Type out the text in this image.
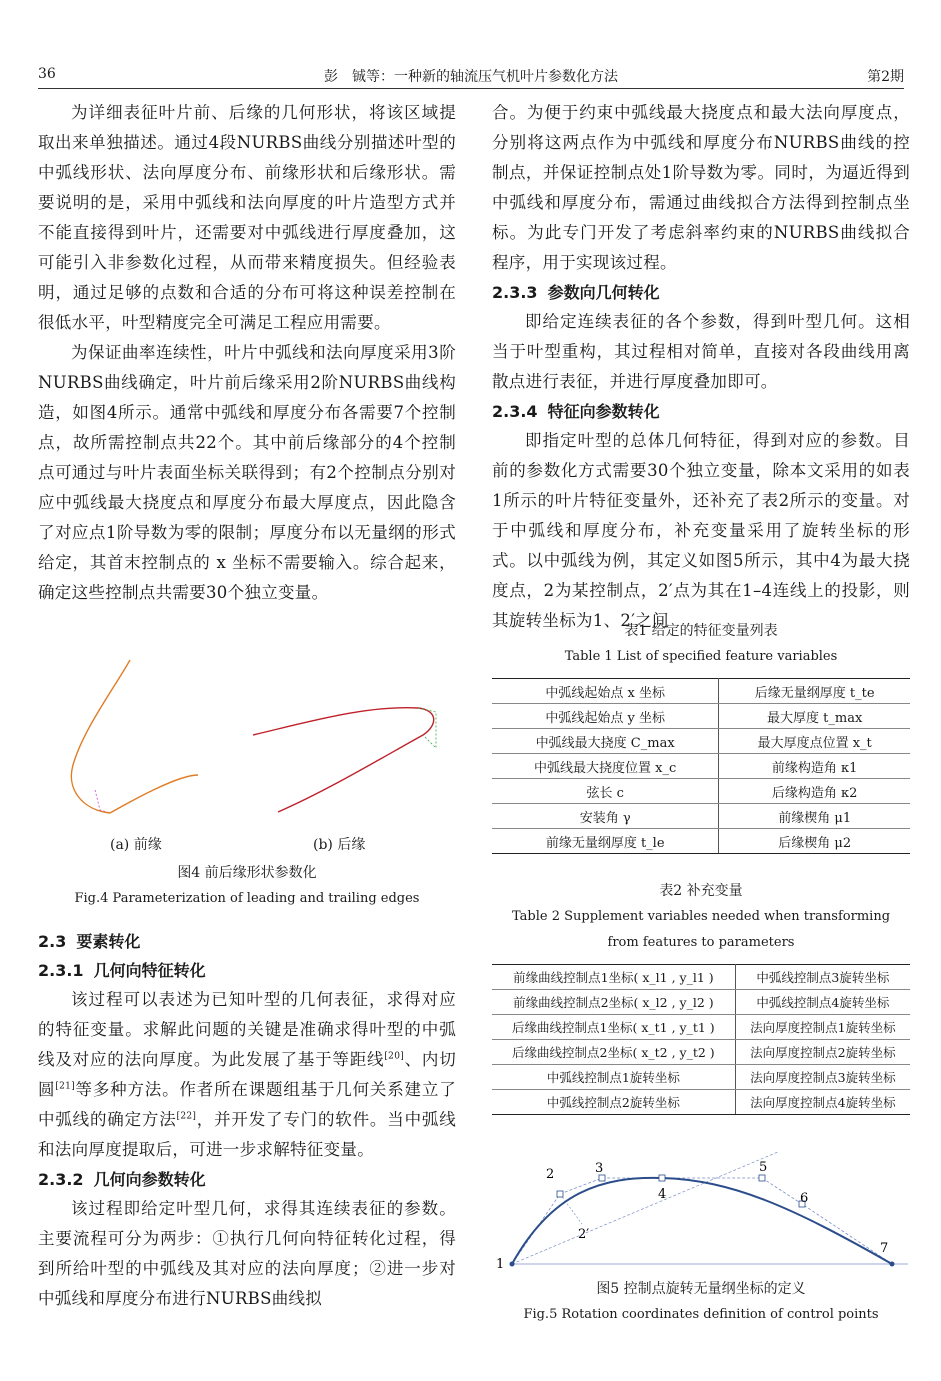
36	彭　铖等：一种新的轴流压气机叶片参数化方法	第2期

为详细表征叶片前、后缘的几何形状，将该区域提取出来单独描述。通过4段NURBS曲线分别描述叶型的中弧线形状、法向厚度分布、前缘形状和后缘形状。需要说明的是，采用中弧线和法向厚度的叶片造型方式并不能直接得到叶片，还需要对中弧线进行厚度叠加，这可能引入非参数化过程，从而带来精度损失。但经验表明，通过足够的点数和合适的分布可将这种误差控制在很低水平，叶型精度完全可满足工程应用需要。

为保证曲率连续性，叶片中弧线和法向厚度采用3阶NURBS曲线确定，叶片前后缘采用2阶NURBS曲线构造，如图4所示。通常中弧线和厚度分布各需要7个控制点，故所需控制点共22个。其中前后缘部分的4个控制点可通过与叶片表面坐标关联得到；有2个控制点分别对应中弧线最大挠度点和厚度分布最大厚度点，因此隐含了对应点1阶导数为零的限制；厚度分布以无量纲的形式给定，其首末控制点的 x 坐标不需要输入。综合起来，确定这些控制点共需要30个独立变量。

(a) 前缘	(b) 后缘
图4 前后缘形状参数化
Fig.4 Parameterization of leading and trailing edges
2.3 要素转化
2.3.1 几何向特征转化

该过程可以表述为已知叶型的几何表征，求得对应的特征变量。求解此问题的关键是准确求得叶型的中弧线及对应的法向厚度。为此发展了基于等距线[20]、内切圆[21]等多种方法。作者所在课题组基于几何关系建立了中弧线的确定方法[22]，并开发了专门的软件。当中弧线和法向厚度提取后，可进一步求解特征变量。

2.3.2 几何向参数转化

该过程即给定叶型几何，求得其连续表征的参数。主要流程可分为两步：①执行几何向特征转化过程，得到所给叶型的中弧线及其对应的法向厚度；②进一步对中弧线和厚度分布进行NURBS曲线拟

合。为便于约束中弧线最大挠度点和最大法向厚度点，分别将这两点作为中弧线和厚度分布NURBS曲线的控制点，并保证控制点处1阶导数为零。同时，为逼近得到中弧线和厚度分布，需通过曲线拟合方法得到控制点坐标。为此专门开发了考虑斜率约束的NURBS曲线拟合程序，用于实现该过程。

2.3.3 参数向几何转化

即给定连续表征的各个参数，得到叶型几何。这相当于叶型重构，其过程相对简单，直接对各段曲线用离散点进行表征，并进行厚度叠加即可。

2.3.4 特征向参数转化

即指定叶型的总体几何特征，得到对应的参数。目前的参数化方式需要30个独立变量，除本文采用的如表1所示的叶片特征变量外，还补充了表2所示的变量。对于中弧线和厚度分布，补充变量采用了旋转坐标的形式。以中弧线为例，其定义如图5所示，其中4为最大挠度点，2为某控制点，2′点为其在1–4连线上的投影，则其旋转坐标为1、2′之间

表1 给定的特征变量列表
Table 1 List of specified feature variables
中弧线起始点 x 坐标	后缘无量纲厚度 t_te
中弧线起始点 y 坐标	最大厚度 t_max
中弧线最大挠度 C_max	最大厚度点位置 x_t
中弧线最大挠度位置 x_c	前缘构造角 κ1
弦长 c	后缘构造角 κ2
安装角 γ	前缘楔角 μ1
前缘无量纲厚度 t_le	后缘楔角 μ2
表2 补充变量
Table 2 Supplement variables needed when transforming
from features to parameters
前缘曲线控制点1坐标( x_l1 , y_l1 )	中弧线控制点3旋转坐标
前缘曲线控制点2坐标( x_l2 , y_l2 )	中弧线控制点4旋转坐标
后缘曲线控制点1坐标( x_t1 , y_t1 )	法向厚度控制点1旋转坐标
后缘曲线控制点2坐标( x_t2 , y_t2 )	法向厚度控制点2旋转坐标
中弧线控制点1旋转坐标	法向厚度控制点3旋转坐标
中弧线控制点2旋转坐标	法向厚度控制点4旋转坐标
1
2	3
4
5
6
7
2′
图5 控制点旋转无量纲坐标的定义
Fig.5 Rotation coordinates definition of control points
